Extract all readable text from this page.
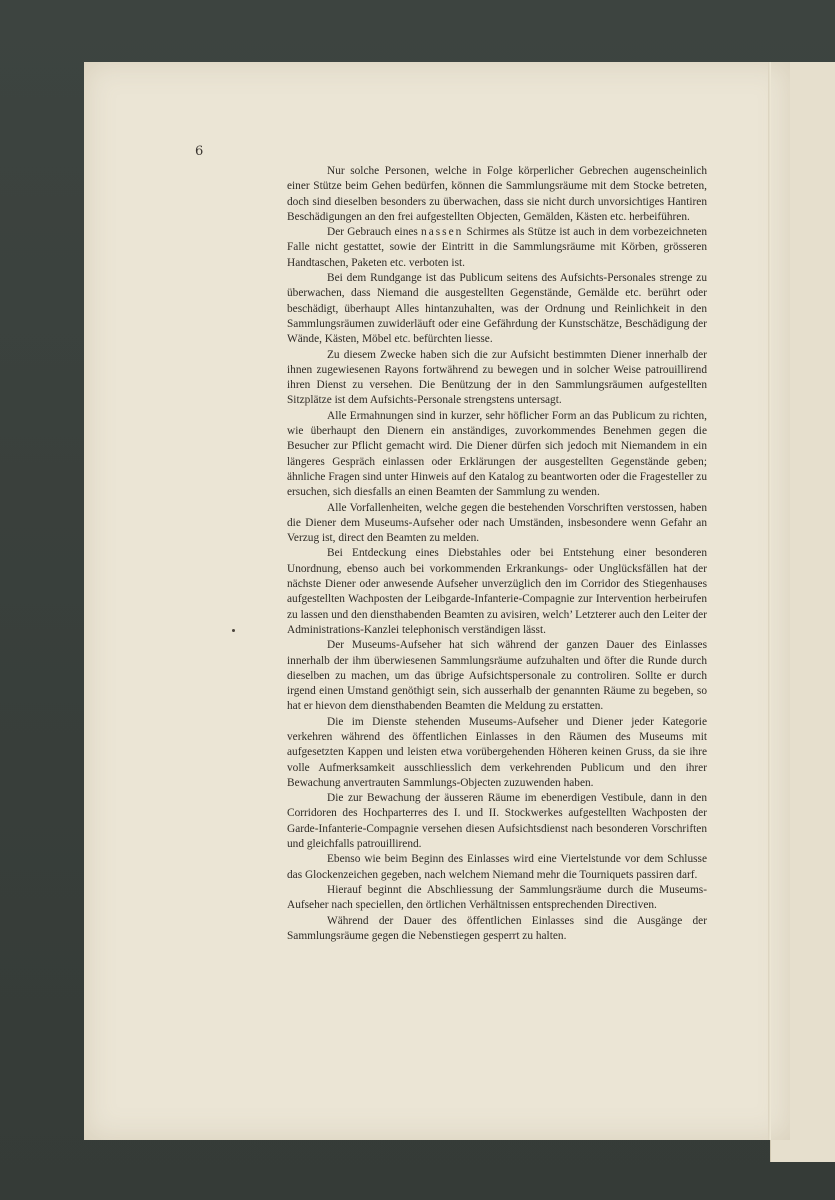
6

Nur solche Personen, welche in Folge körperlicher Gebrechen augenscheinlich einer Stütze beim Gehen bedürfen, können die Sammlungsräume mit dem Stocke betreten, doch sind dieselben besonders zu überwachen, dass sie nicht durch unvorsichtiges Hantiren Beschädigungen an den frei aufgestellten Objecten, Gemälden, Kästen etc. herbeiführen.

Der Gebrauch eines nassen Schirmes als Stütze ist auch in dem vorbezeichneten Falle nicht gestattet, sowie der Eintritt in die Sammlungsräume mit Körben, grösseren Handtaschen, Paketen etc. verboten ist.

Bei dem Rundgange ist das Publicum seitens des Aufsichts-Personales strenge zu überwachen, dass Niemand die ausgestellten Gegenstände, Gemälde etc. berührt oder beschädigt, überhaupt Alles hintanzuhalten, was der Ordnung und Reinlichkeit in den Sammlungsräumen zuwiderläuft oder eine Gefährdung der Kunstschätze, Beschädigung der Wände, Kästen, Möbel etc. befürchten liesse.

Zu diesem Zwecke haben sich die zur Aufsicht bestimmten Diener innerhalb der ihnen zugewiesenen Rayons fortwährend zu bewegen und in solcher Weise patrouillirend ihren Dienst zu versehen. Die Benützung der in den Sammlungsräumen aufgestellten Sitzplätze ist dem Aufsichts-Personale strengstens untersagt.

Alle Ermahnungen sind in kurzer, sehr höflicher Form an das Publicum zu richten, wie überhaupt den Dienern ein anständiges, zuvorkommendes Benehmen gegen die Besucher zur Pflicht gemacht wird. Die Diener dürfen sich jedoch mit Niemandem in ein längeres Gespräch einlassen oder Erklärungen der ausgestellten Gegenstände geben; ähnliche Fragen sind unter Hinweis auf den Katalog zu beantworten oder die Fragesteller zu ersuchen, sich diesfalls an einen Beamten der Sammlung zu wenden.

Alle Vorfallenheiten, welche gegen die bestehenden Vorschriften verstossen, haben die Diener dem Museums-Aufseher oder nach Umständen, insbesondere wenn Gefahr an Verzug ist, direct den Beamten zu melden.

Bei Entdeckung eines Diebstahles oder bei Entstehung einer besonderen Unordnung, ebenso auch bei vorkommenden Erkrankungs- oder Unglücksfällen hat der nächste Diener oder anwesende Aufseher unverzüglich den im Corridor des Stiegenhauses aufgestellten Wachposten der Leibgarde-Infanterie-Compagnie zur Intervention herbeirufen zu lassen und den diensthabenden Beamten zu avisiren, welch’ Letzterer auch den Leiter der Administrations-Kanzlei telephonisch verständigen lässt.

Der Museums-Aufseher hat sich während der ganzen Dauer des Einlasses innerhalb der ihm überwiesenen Sammlungsräume aufzuhalten und öfter die Runde durch dieselben zu machen, um das übrige Aufsichtspersonale zu controliren. Sollte er durch irgend einen Umstand genöthigt sein, sich ausserhalb der genannten Räume zu begeben, so hat er hievon dem diensthabenden Beamten die Meldung zu erstatten.

Die im Dienste stehenden Museums-Aufseher und Diener jeder Kategorie verkehren während des öffentlichen Einlasses in den Räumen des Museums mit aufgesetzten Kappen und leisten etwa vorübergehenden Höheren keinen Gruss, da sie ihre volle Aufmerksamkeit ausschliesslich dem verkehrenden Publicum und den ihrer Bewachung anvertrauten Sammlungs-Objecten zuzuwenden haben.

Die zur Bewachung der äusseren Räume im ebenerdigen Vestibule, dann in den Corridoren des Hochparterres des I. und II. Stockwerkes aufgestellten Wachposten der Garde-Infanterie-Compagnie versehen diesen Aufsichtsdienst nach besonderen Vorschriften und gleichfalls patrouillirend.

Ebenso wie beim Beginn des Einlasses wird eine Viertelstunde vor dem Schlusse das Glockenzeichen gegeben, nach welchem Niemand mehr die Tourniquets passiren darf.

Hierauf beginnt die Abschliessung der Sammlungsräume durch die Museums-Aufseher nach speciellen, den örtlichen Verhältnissen entsprechenden Directiven.

Während der Dauer des öffentlichen Einlasses sind die Ausgänge der Sammlungsräume gegen die Nebenstiegen gesperrt zu halten.
